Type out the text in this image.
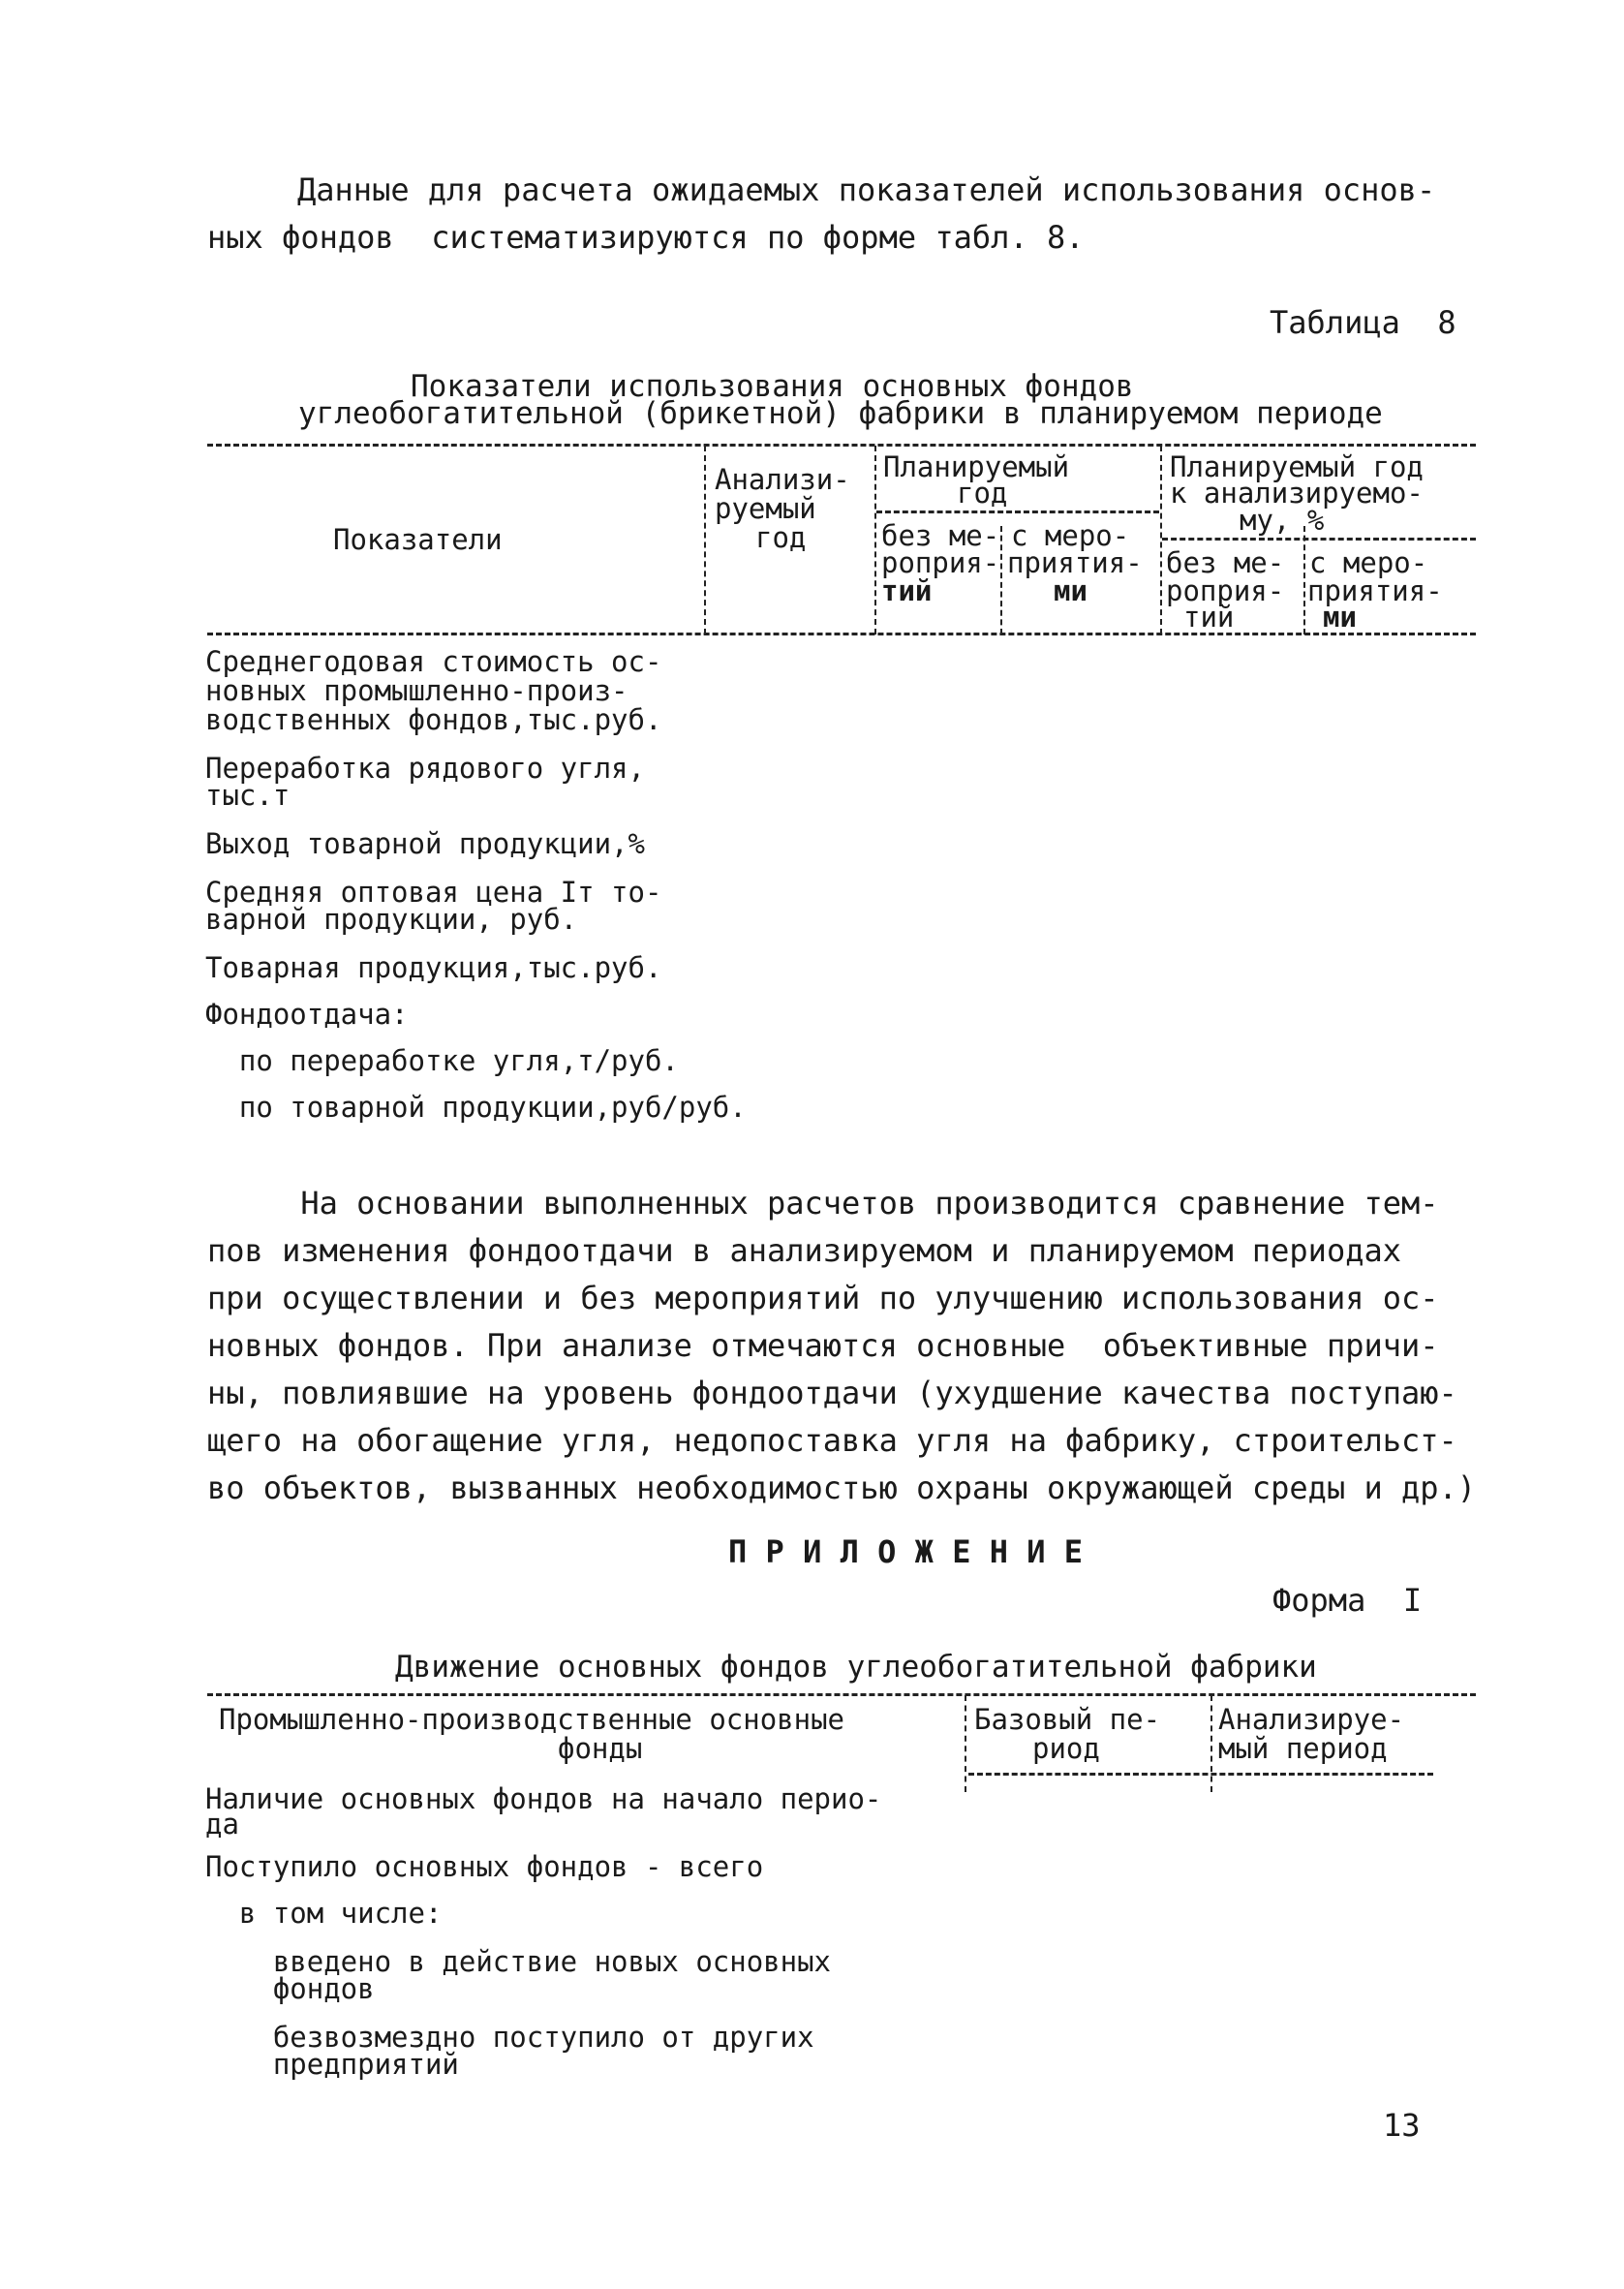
Данные для расчета ожидаемых показателей использования основ-

ных фондов  систематизируются по форме табл. 8.

Таблица  8

Показатели использования основных фондов

углеобогатительной (брикетной) фабрики в планируемом периоде

Показатели

Анализи-

руемый

год

Планируемый

год

без ме-

роприя-

тий

с меро-

приятия-

ми

Планируемый год

к анализируемо-

му, %

без ме-

роприя-

тий

с меро-

приятия-

ми

Среднегодовая стоимость ос-

новных промышленно-произ-

водственных фондов,тыс.руб.

Переработка рядового угля,

тыс.т

Выход товарной продукции,%

Средняя оптовая цена Iт то-

варной продукции, руб.

Товарная продукция,тыс.руб.

Фондоотдача:

по переработке угля,т/руб.

по товарной продукции,руб/руб.

На основании выполненных расчетов производится сравнение тем-

пов изменения фондоотдачи в анализируемом и планируемом периодах

при осуществлении и без мероприятий по улучшению использования ос-

новных фондов. При анализе отмечаются основные  объективные причи-

ны, повлиявшие на уровень фондоотдачи (ухудшение качества поступаю-

щего на обогащение угля, недопоставка угля на фабрику, строительст-

во объектов, вызванных необходимостью охраны окружающей среды и др.)

П Р И Л О Ж Е Н И Е

Форма  I

Движение основных фондов углеобогатительной фабрики

Промышленно-производственные основные

фонды

Базовый пе-

риод

Анализируе-

мый период

Наличие основных фондов на начало перио-

да

Поступило основных фондов - всего

в том числе:

введено в действие новых основных

фондов

безвозмездно поступило от других

предприятий

13
